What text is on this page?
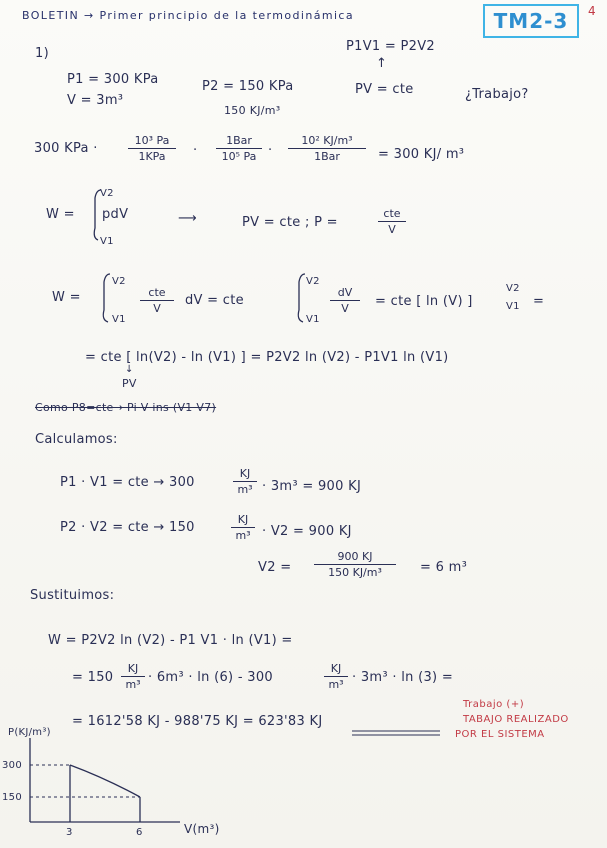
BOLETIN → Primer principio de la termodinámica	TM2-3	4
1)
P1 = 300 KPa
V = 3m³
P2 = 150 KPa
150 KJ/m³
P1V1 = P2V2
↑
PV = cte	¿Trabajo?
300 KPa ·
10³ Pa
1KPa	·
1Bar
10⁵ Pa ·
10² KJ/m³
1Bar	= 300 KJ/ m³
W =
V2
pdV
V1
⟶	PV = cte ; P =
cte
V
W =
V2
V1
cte
V
dV = cte
V2
V1
$\frac{dV}{V}$ = cte [ ln (V) ]
V2
V1 =
= cte [ ln(V2) - ln (V1) ] = P2V2 ln (V2) - P1V1 ln (V1)
↓
PV
Como P8=cte→ Pi V ins (V1 V7)
Calculamos:
P1 · V1 = cte → 300	$\frac{KJ}{\text{m³}} \cdot 3m^3 = 900$ KJ
P2 · V2 = cte → 150	$\frac{KJ}{\text{m³}} \cdot V2 = 900$ KJ
$V2 = \frac{900 KJ}{\text{150 KJ/m³}} = 6$ m³
Sustituimos:
W = P2V2 ln (V2) - P1 V1 · ln (V1) =
= $150 \frac{KJ}{\text{m³}} \cdot 6m^3 \cdot \ln (6) - 300$	$\frac{KJ}{\text{m³}} \cdot 3m^3 \cdot \ln (3)$ =
= 1612'58 KJ - 988'75 KJ = 623'83 KJ
Trabajo (+)
TABAJO REALIZADO
POR EL SISTEMA
P(KJ/m³)
300
150
3	6	V(m³)
